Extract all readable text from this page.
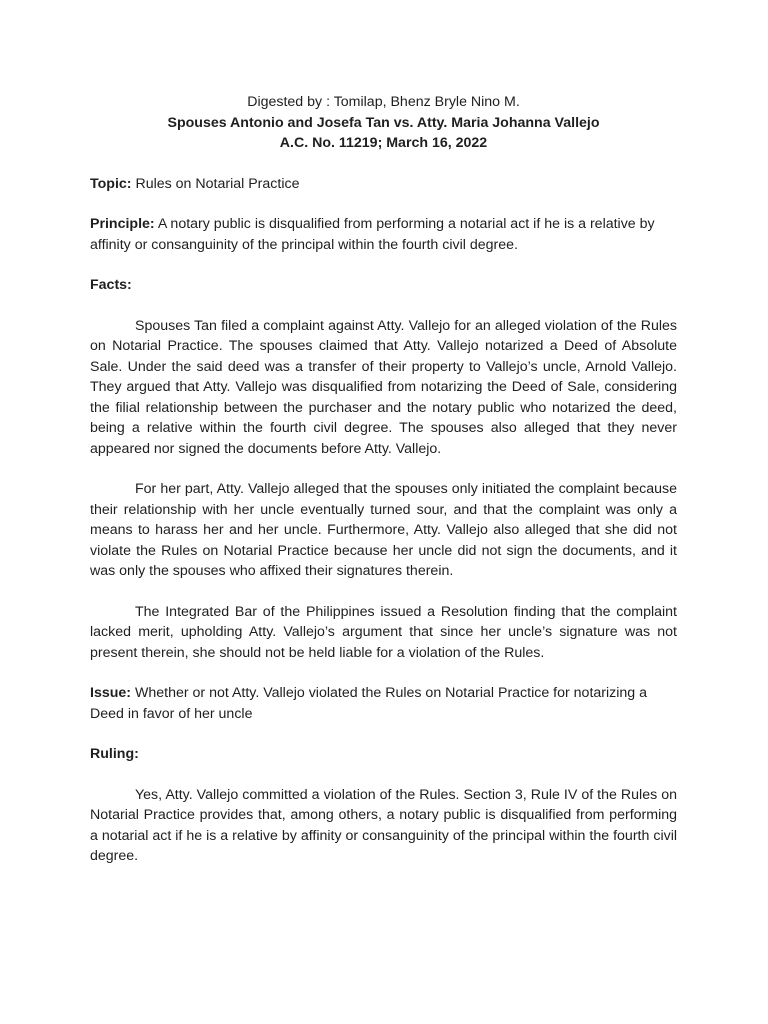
Digested by : Tomilap, Bhenz Bryle Nino M.
Spouses Antonio and Josefa Tan vs. Atty. Maria Johanna Vallejo
A.C. No. 11219; March 16, 2022

Topic: Rules on Notarial Practice

Principle: A notary public is disqualified from performing a notarial act if he is a relative by affinity or consanguinity of the principal within the fourth civil degree.

Facts:

Spouses Tan filed a complaint against Atty. Vallejo for an alleged violation of the Rules on Notarial Practice. The spouses claimed that Atty. Vallejo notarized a Deed of Absolute Sale. Under the said deed was a transfer of their property to Vallejo’s uncle, Arnold Vallejo. They argued that Atty. Vallejo was disqualified from notarizing the Deed of Sale, considering the filial relationship between the purchaser and the notary public who notarized the deed, being a relative within the fourth civil degree. The spouses also alleged that they never appeared nor signed the documents before Atty. Vallejo.

For her part, Atty. Vallejo alleged that the spouses only initiated the complaint because their relationship with her uncle eventually turned sour, and that the complaint was only a means to harass her and her uncle. Furthermore, Atty. Vallejo also alleged that she did not violate the Rules on Notarial Practice because her uncle did not sign the documents, and it was only the spouses who affixed their signatures therein.

The Integrated Bar of the Philippines issued a Resolution finding that the complaint lacked merit, upholding Atty. Vallejo’s argument that since her uncle’s signature was not present therein, she should not be held liable for a violation of the Rules.

Issue: Whether or not Atty. Vallejo violated the Rules on Notarial Practice for notarizing a Deed in favor of her uncle

Ruling:

Yes, Atty. Vallejo committed a violation of the Rules. Section 3, Rule IV of the Rules on Notarial Practice provides that, among others, a notary public is disqualified from performing a notarial act if he is a relative by affinity or consanguinity of the principal within the fourth civil degree.
